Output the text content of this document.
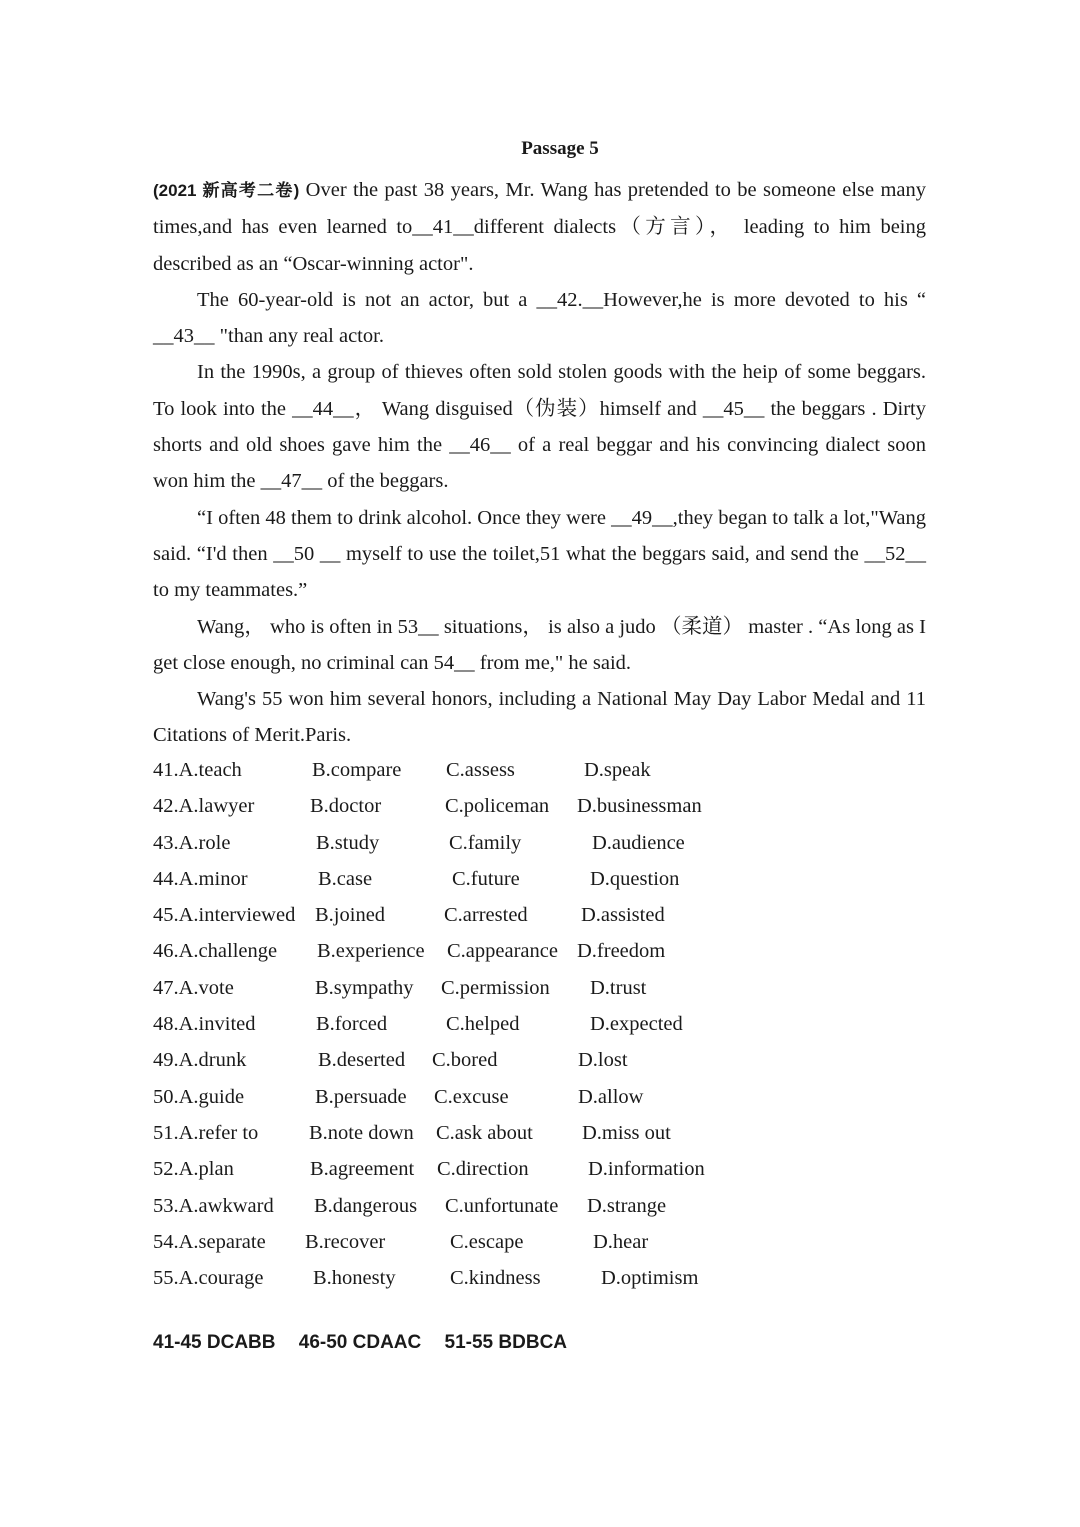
Passage 5

(2021 新高考二卷) Over the past 38 years, Mr. Wang has pretended to be someone else many times,and has even learned to__41__different dialects（方言）， leading to him being described as an “Oscar-winning actor".

The 60-year-old is not an actor, but a __42.__However,he is more devoted to his “ __43__ "than any real actor.

In the 1990s, a group of thieves often sold stolen goods with the heip of some beggars. To look into the __44__， Wang disguised（伪装）himself and __45__ the beggars . Dirty shorts and old shoes gave him the __46__ of a real beggar and his convincing dialect soon won him the __47__ of the beggars.

“I often 48 them to drink alcohol. Once they were __49__,they began to talk a lot,"Wang said. “I'd then __50 __ myself to use the toilet,51 what the beggars said, and send the __52__ to my teammates.”

Wang， who is often in 53__ situations， is also a judo （柔道） master . “As long as I get close enough, no criminal can 54__ from me," he said.

Wang's 55 won him several honors, including a National May Day Labor Medal and 11 Citations of Merit.Paris.

41.A.teach	B.compare C.assess	D.speak
42.A.lawyer	B.doctor	C.policeman D.businessman
43.A.role	B.study	C.family	D.audience
44.A.minor	B.case	C.future	D.question
45.A.interviewed B.joined	C.arrested	D.assisted
46.A.challenge B.experience C.appearance D.freedom
47.A.vote	B.sympathy C.permission D.trust
48.A.invited	B.forced	C.helped	D.expected
49.A.drunk	B.deserted C.bored	D.lost
50.A.guide	B.persuade C.excuse	D.allow
51.A.refer to B.note down C.ask about D.miss out
52.A.plan	B.agreement C.direction	D.information
53.A.awkward B.dangerous C.unfortunate D.strange
54.A.separate B.recover	C.escape	D.hear
55.A.courage B.honesty	C.kindness	D.optimism
41-45 DCABB 46-50 CDAAC 51-55 BDBCA
